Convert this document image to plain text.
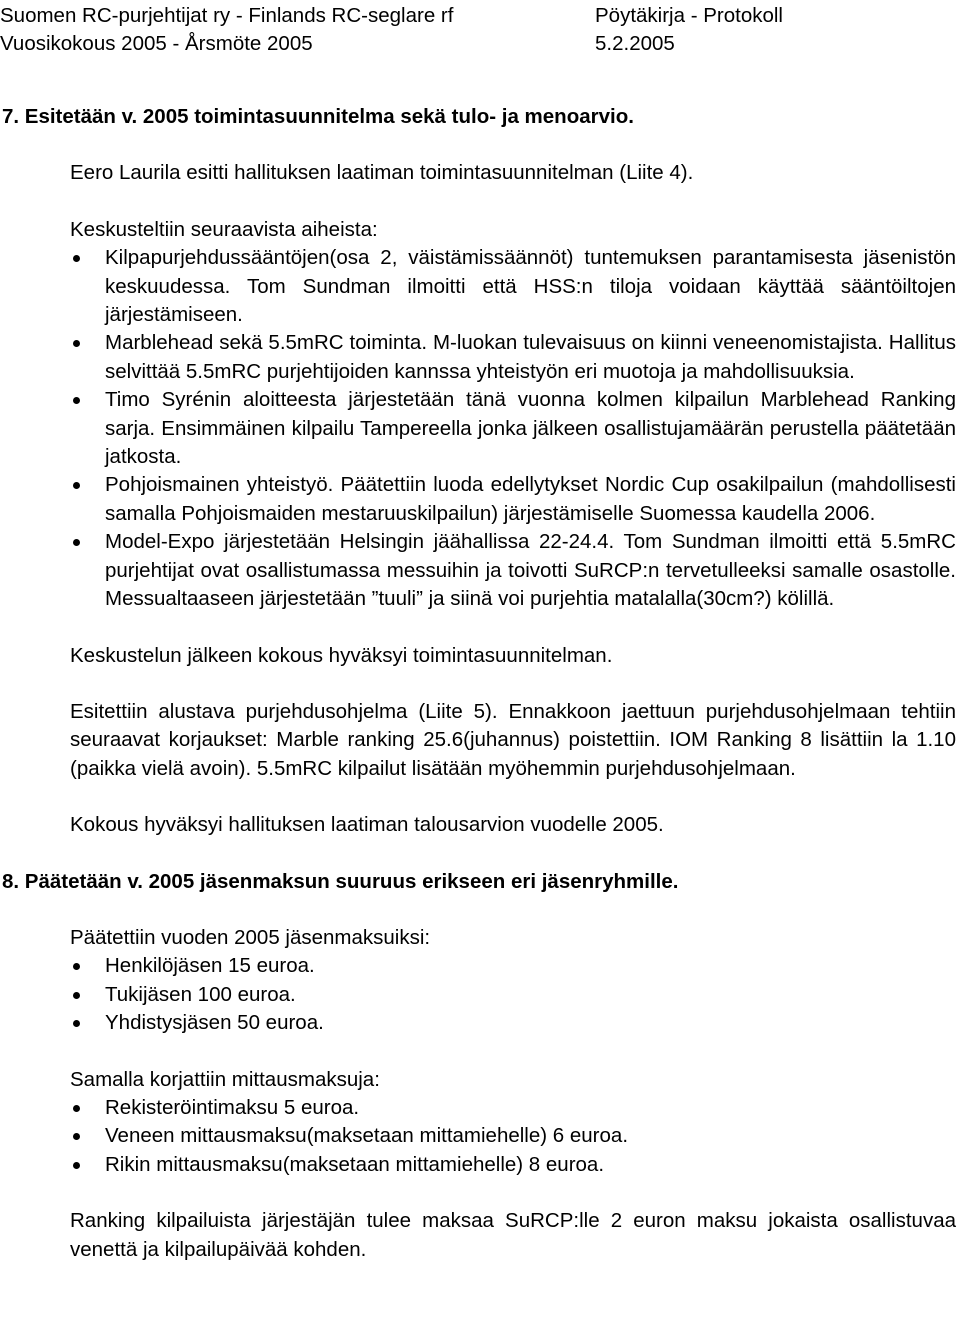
Suomen RC-purjehtijat ry - Finlands RC-seglare rf	Pöytäkirja - Protokoll
Vuosikokous 2005 - Årsmöte 2005	5.2.2005
7. Esitetään v. 2005 toimintasuunnitelma sekä tulo- ja menoarvio.
Eero Laurila esitti hallituksen laatiman toimintasuunnitelman (Liite 4).
Keskusteltiin seuraavista aiheista:
Kilpapurjehdussääntöjen(osa 2, väistämissäännöt) tuntemuksen parantamisesta jäsenistön keskuudessa. Tom Sundman ilmoitti että HSS:n tiloja voidaan käyttää sääntöiltojen järjestämiseen.
Marblehead sekä 5.5mRC toiminta. M-luokan tulevaisuus on kiinni veneenomistajista. Hallitus selvittää 5.5mRC purjehtijoiden kannssa yhteistyön eri muotoja ja mahdollisuuksia.
Timo Syrénin aloitteesta järjestetään tänä vuonna kolmen kilpailun Marblehead Ranking sarja. Ensimmäinen kilpailu Tampereella jonka jälkeen osallistujamäärän perustella päätetään jatkosta.
Pohjoismainen yhteistyö. Päätettiin luoda edellytykset Nordic Cup osakilpailun (mahdollisesti samalla Pohjoismaiden mestaruuskilpailun) järjestämiselle Suomessa kaudella 2006.
Model-Expo järjestetään Helsingin jäähallissa 22-24.4. Tom Sundman ilmoitti että 5.5mRC purjehtijat ovat osallistumassa messuihin ja toivotti SuRCP:n tervetulleeksi samalle osastolle. Messualtaaseen järjestetään ”tuuli” ja siinä voi purjehtia matalalla(30cm?) kölillä.
Keskustelun jälkeen kokous hyväksyi toimintasuunnitelman.
Esitettiin alustava purjehdusohjelma (Liite 5). Ennakkoon jaettuun purjehdusohjelmaan tehtiin seuraavat korjaukset: Marble ranking 25.6(juhannus) poistettiin. IOM Ranking 8 lisättiin la 1.10 (paikka vielä avoin). 5.5mRC kilpailut lisätään myöhemmin purjehdusohjelmaan.
Kokous hyväksyi hallituksen laatiman talousarvion vuodelle 2005.
8. Päätetään v. 2005 jäsenmaksun suuruus erikseen eri jäsenryhmille.
Päätettiin vuoden 2005 jäsenmaksuiksi:
Henkilöjäsen 15 euroa.
Tukijäsen 100 euroa.
Yhdistysjäsen 50 euroa.
Samalla korjattiin mittausmaksuja:
Rekisteröintimaksu 5 euroa.
Veneen mittausmaksu(maksetaan mittamiehelle) 6 euroa.
Rikin mittausmaksu(maksetaan mittamiehelle) 8 euroa.
Ranking kilpailuista järjestäjän tulee maksaa SuRCP:lle 2 euron maksu jokaista osallistuvaa venettä ja kilpailupäivää kohden.
